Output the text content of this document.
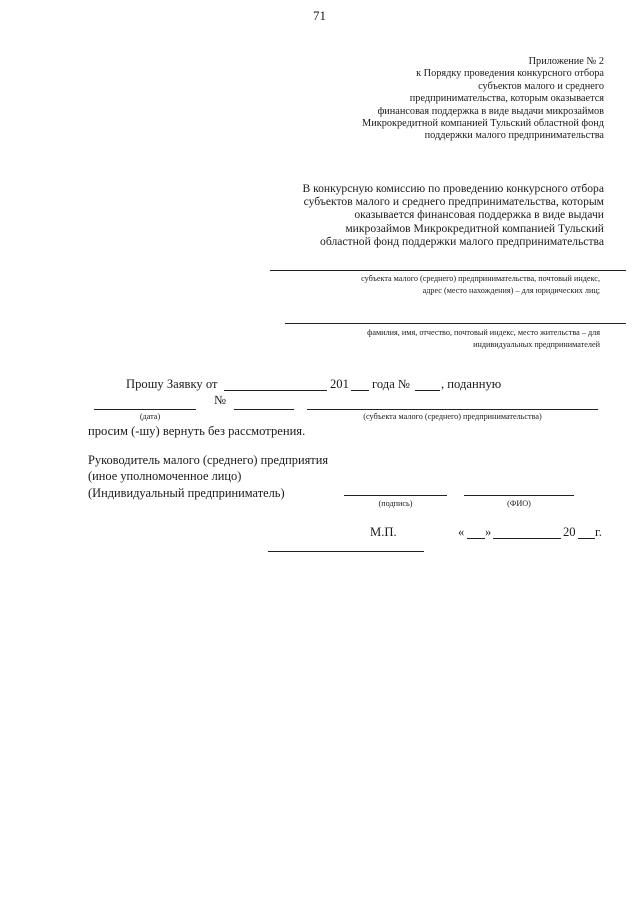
71
Приложение № 2
к Порядку проведения конкурсного отбора
субъектов малого и среднего
предпринимательства, которым оказывается
финансовая поддержка в виде выдачи микрозаймов
Микрокредитной компанией Тульский областной фонд
поддержки малого предпринимательства
В конкурсную комиссию по проведению конкурсного отбора
субъектов малого и среднего предпринимательства, которым
оказывается финансовая поддержка в виде выдачи
микрозаймов Микрокредитной компанией Тульский
областной фонд поддержки малого предпринимательства
субъекта малого (среднего) предпринимательства, почтовый индекс,
адрес (место нахождения) – для юридических лиц;
фамилия, имя, отчество, почтовый индекс, место жительства – для
индивидуальных предпринимателей
Прошу Заявку от	201 года № , поданную
№
(дата)	(субъекта малого (среднего) предпринимательства)
просим (-шу) вернуть без рассмотрения.
Руководитель малого (среднего) предприятия
(иное уполномоченное лицо)
(Индивидуальный предприниматель)
(подпись)	(ФИО)
М.П.	« »	20 г.
